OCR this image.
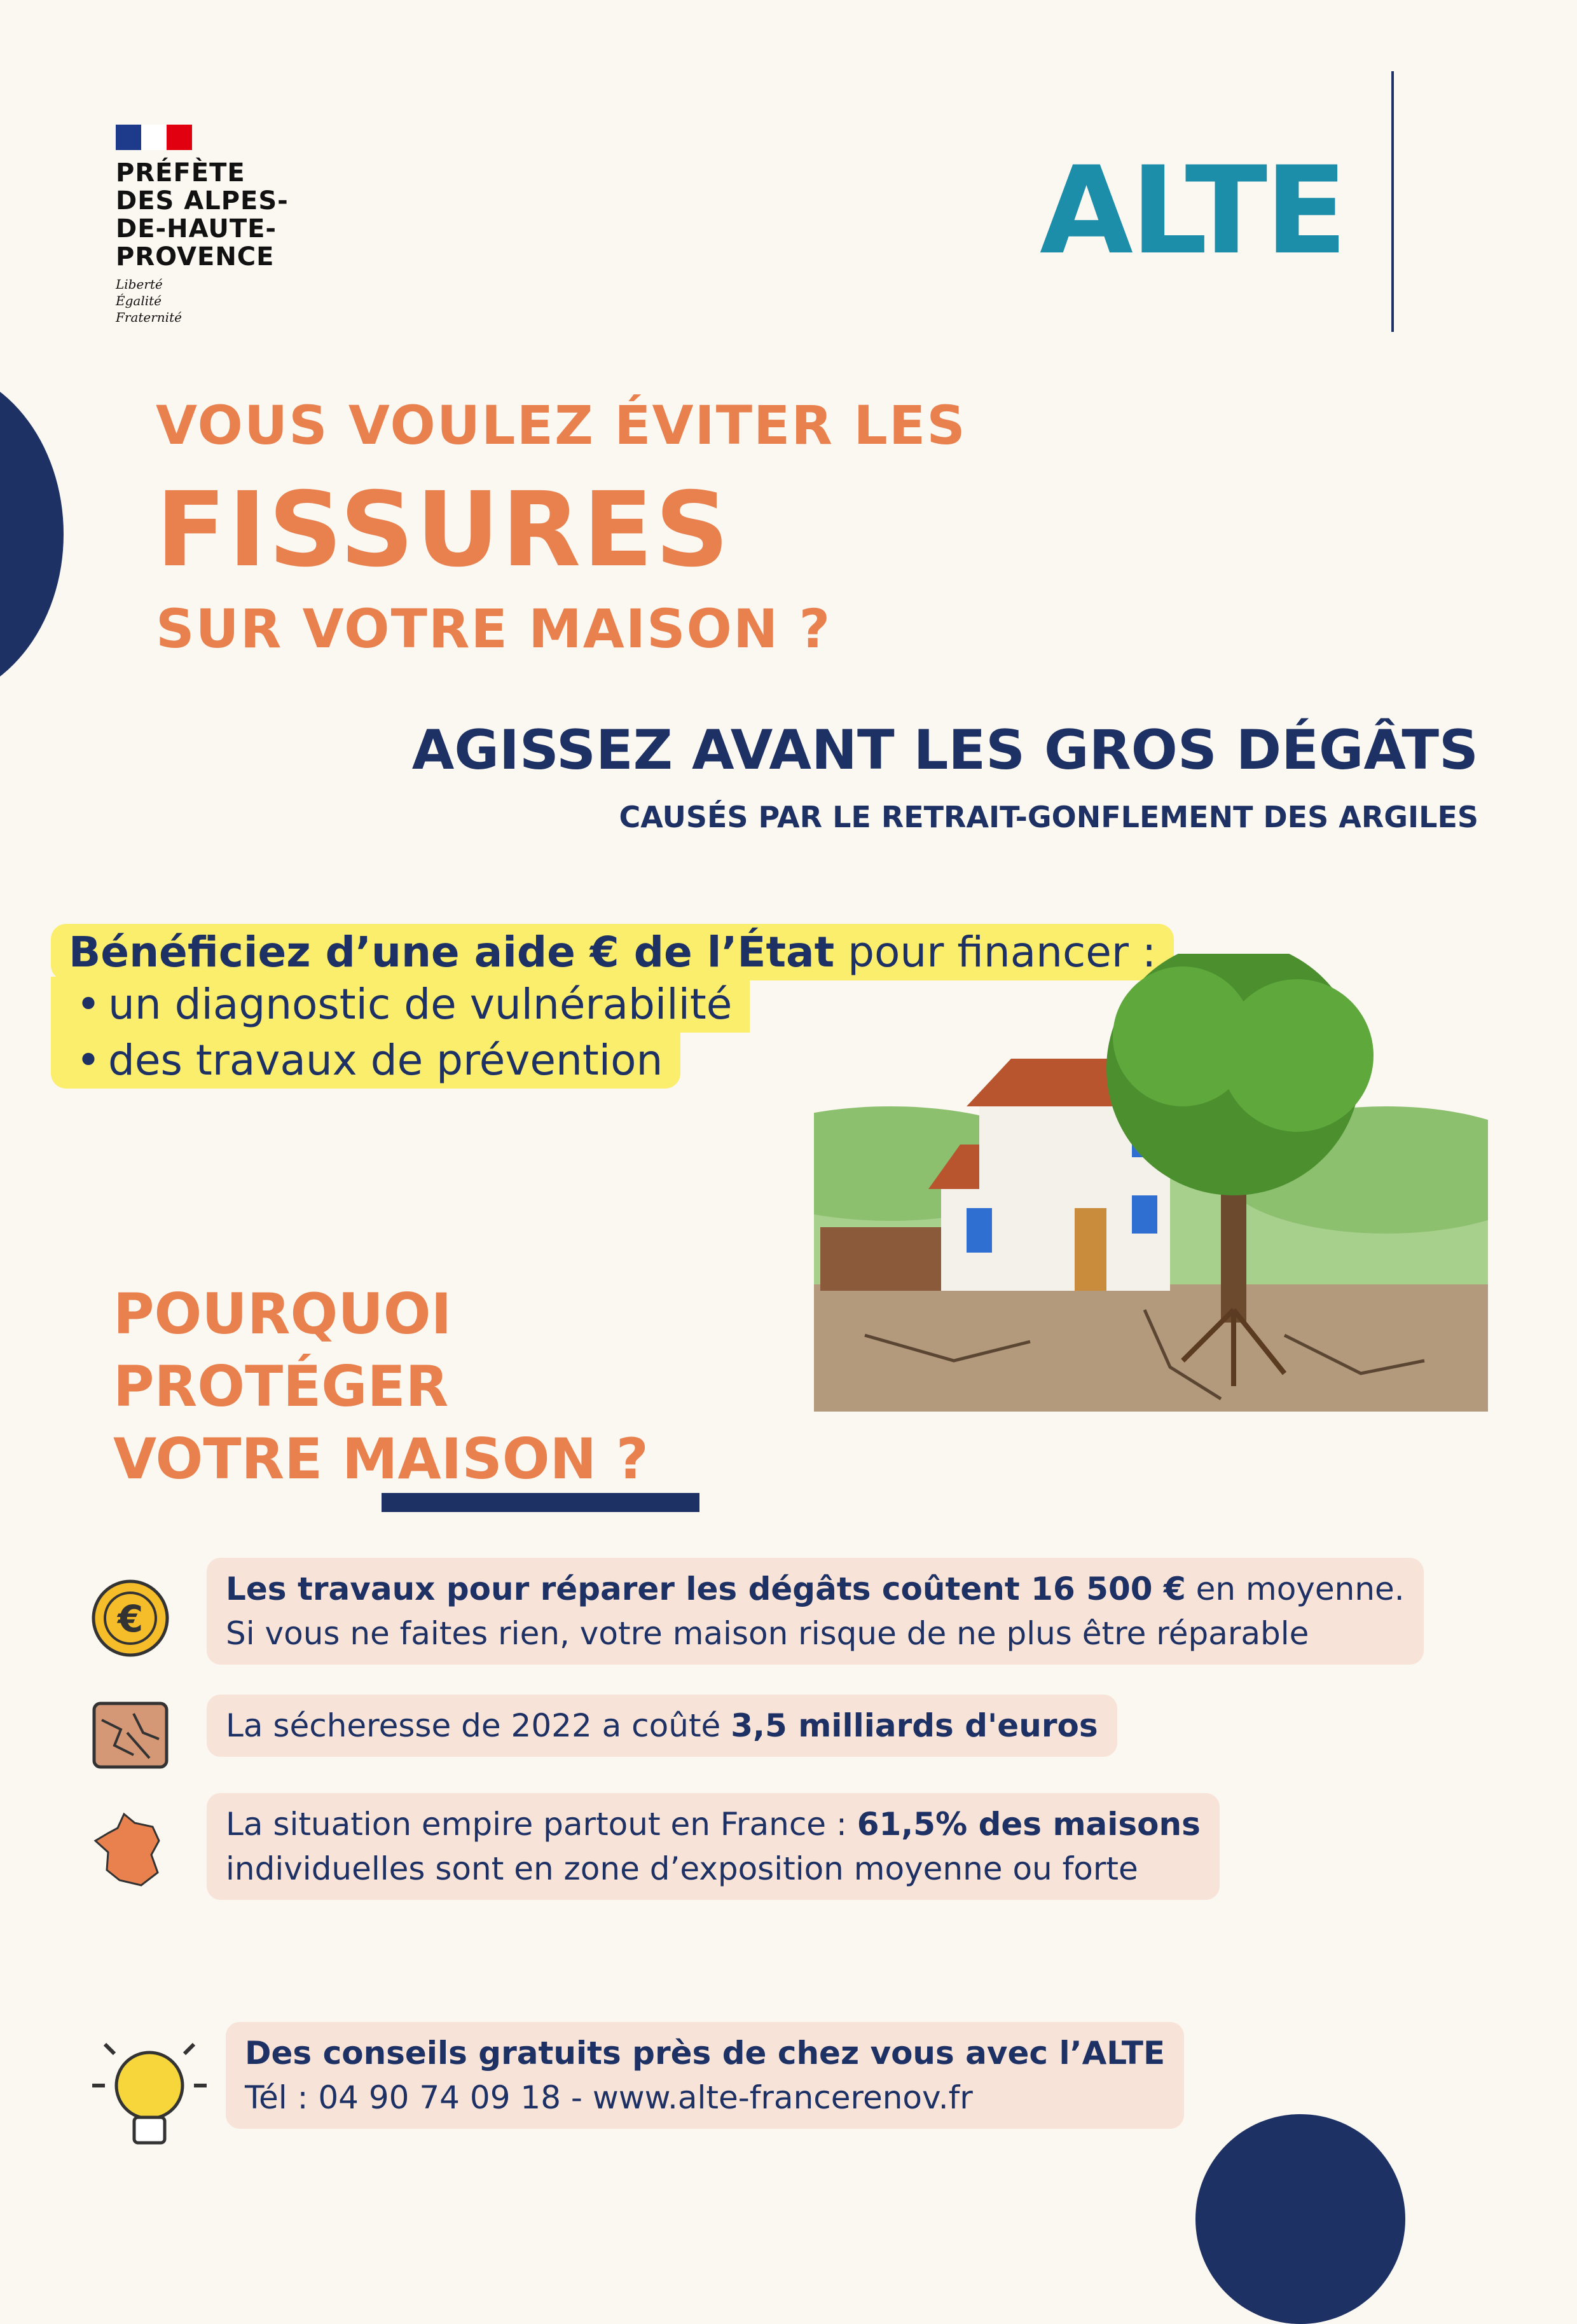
PRÉFÈTE
DES ALPES-
DE-HAUTE-
PROVENCE
Liberté
Égalité
Fraternité
ALTE
VOUS VOULEZ ÉVITER LES
FISSURES
SUR VOTRE MAISON ?
AGISSEZ AVANT LES GROS DÉGÂTS
CAUSÉS PAR LE RETRAIT-GONFLEMENT DES ARGILES
Bénéficiez d’une aide € de l’État pour financer :
• un diagnostic de vulnérabilité
• des travaux de prévention
POURQUOI
PROTÉGER
VOTRE MAISON ?
€
Les travaux pour réparer les dégâts coûtent 16 500 € en moyenne.
Si vous ne faites rien, votre maison risque de ne plus être réparable
La sécheresse de 2022 a coûté 3,5 milliards d'euros
La situation empire partout en France : 61,5% des maisons
individuelles sont en zone d’exposition moyenne ou forte
Des conseils gratuits près de chez vous avec l’ALTE
Tél : 04 90 74 09 18 - www.alte-francerenov.fr
